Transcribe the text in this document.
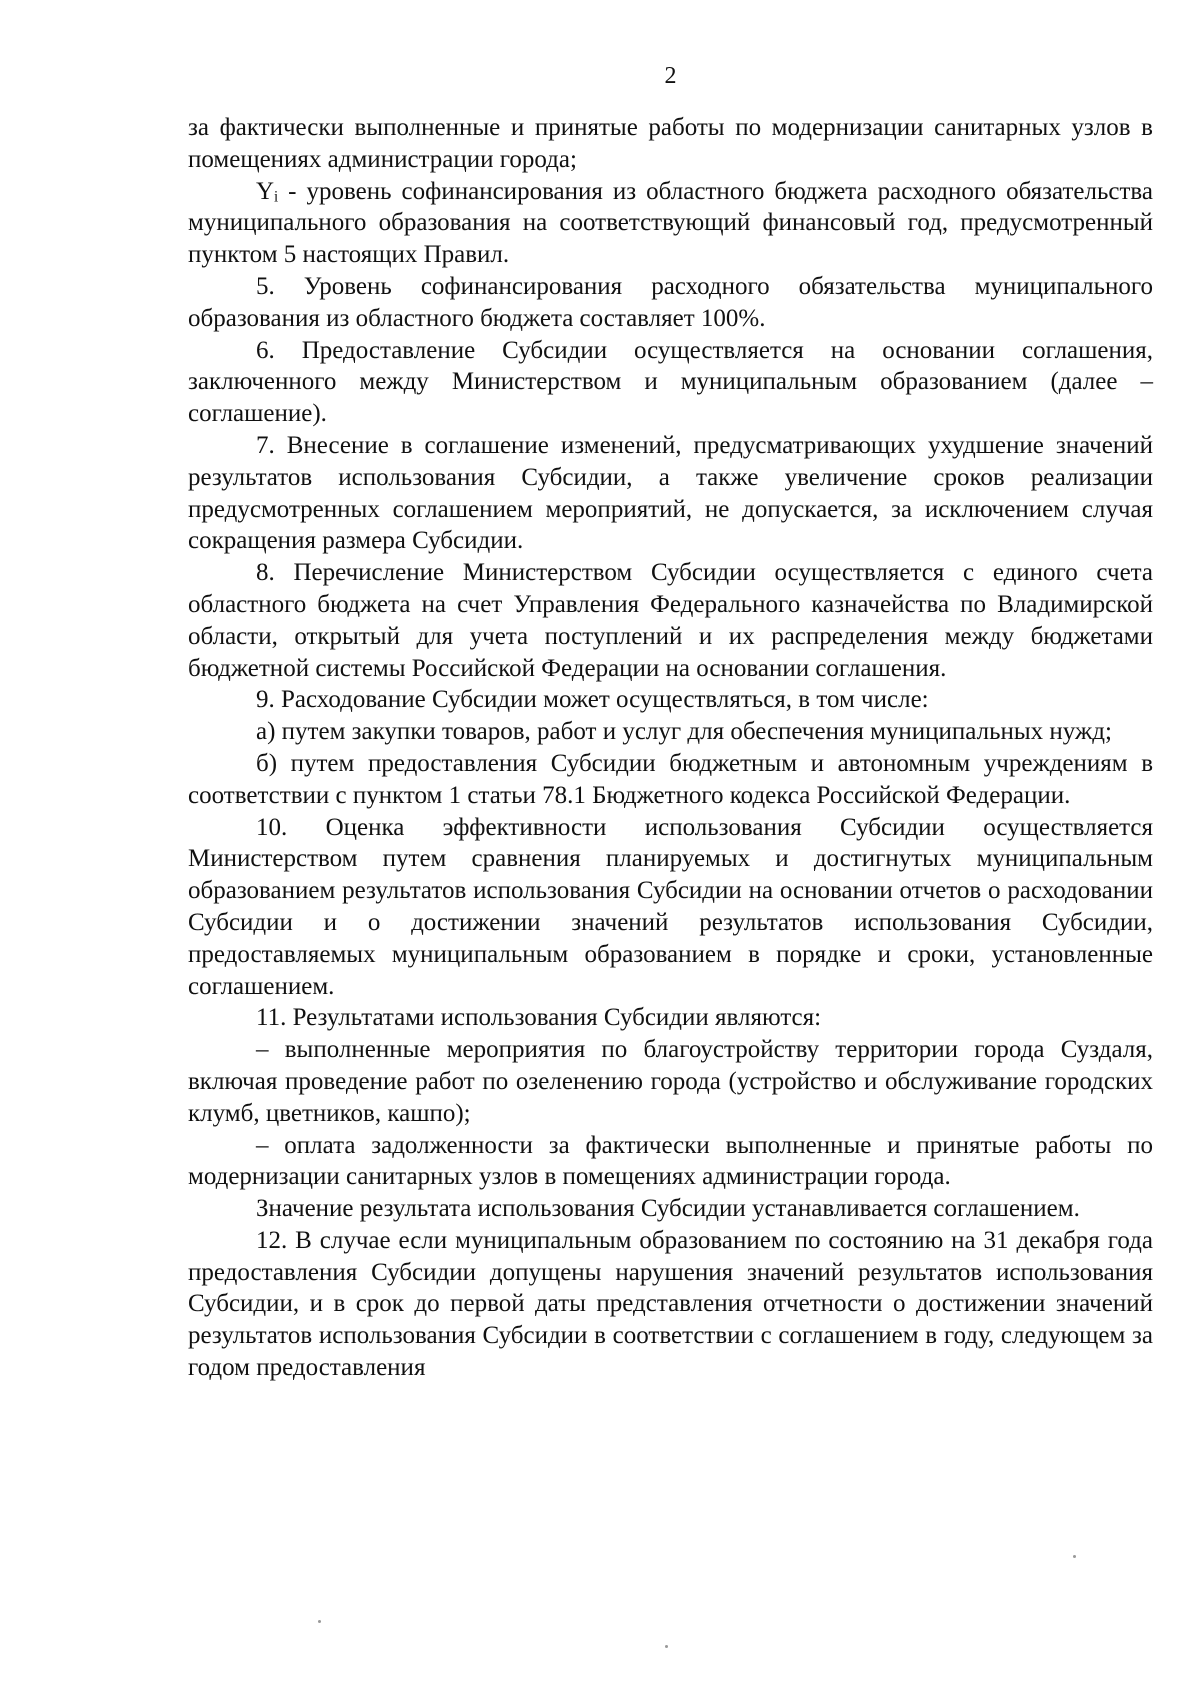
2

за фактически выполненные и принятые работы по модернизации санитарных узлов в помещениях администрации города;

Yᵢ - уровень софинансирования из областного бюджета расходного обязательства муниципального образования на соответствующий финансовый год, предусмотренный пунктом 5 настоящих Правил.

5. Уровень софинансирования расходного обязательства муниципального образования из областного бюджета составляет 100%.

6. Предоставление Субсидии осуществляется на основании соглашения, заключенного между Министерством и муниципальным образованием (далее – соглашение).

7. Внесение в соглашение изменений, предусматривающих ухудшение значений результатов использования Субсидии, а также увеличение сроков реализации предусмотренных соглашением мероприятий, не допускается, за исключением случая сокращения размера Субсидии.

8. Перечисление Министерством Субсидии осуществляется с единого счета областного бюджета на счет Управления Федерального казначейства по Владимирской области, открытый для учета поступлений и их распределения между бюджетами бюджетной системы Российской Федерации на основании соглашения.

9. Расходование Субсидии может осуществляться, в том числе:

а) путем закупки товаров, работ и услуг для обеспечения муниципальных нужд;

б) путем предоставления Субсидии бюджетным и автономным учреждениям в соответствии с пунктом 1 статьи 78.1 Бюджетного кодекса Российской Федерации.

10. Оценка эффективности использования Субсидии осуществляется Министерством путем сравнения планируемых и достигнутых муниципальным образованием результатов использования Субсидии на основании отчетов о расходовании Субсидии и о достижении значений результатов использования Субсидии, предоставляемых муниципальным образованием в порядке и сроки, установленные соглашением.

11. Результатами использования Субсидии являются:

– выполненные мероприятия по благоустройству территории города Суздаля, включая проведение работ по озеленению города (устройство и обслуживание городских клумб, цветников, кашпо);

– оплата задолженности за фактически выполненные и принятые работы по модернизации санитарных узлов в помещениях администрации города.

Значение результата использования Субсидии устанавливается соглашением.

12. В случае если муниципальным образованием по состоянию на 31 декабря года предоставления Субсидии допущены нарушения значений результатов использования Субсидии, и в срок до первой даты представления отчетности о достижении значений результатов использования Субсидии в соответствии с соглашением в году, следующем за годом предоставления
